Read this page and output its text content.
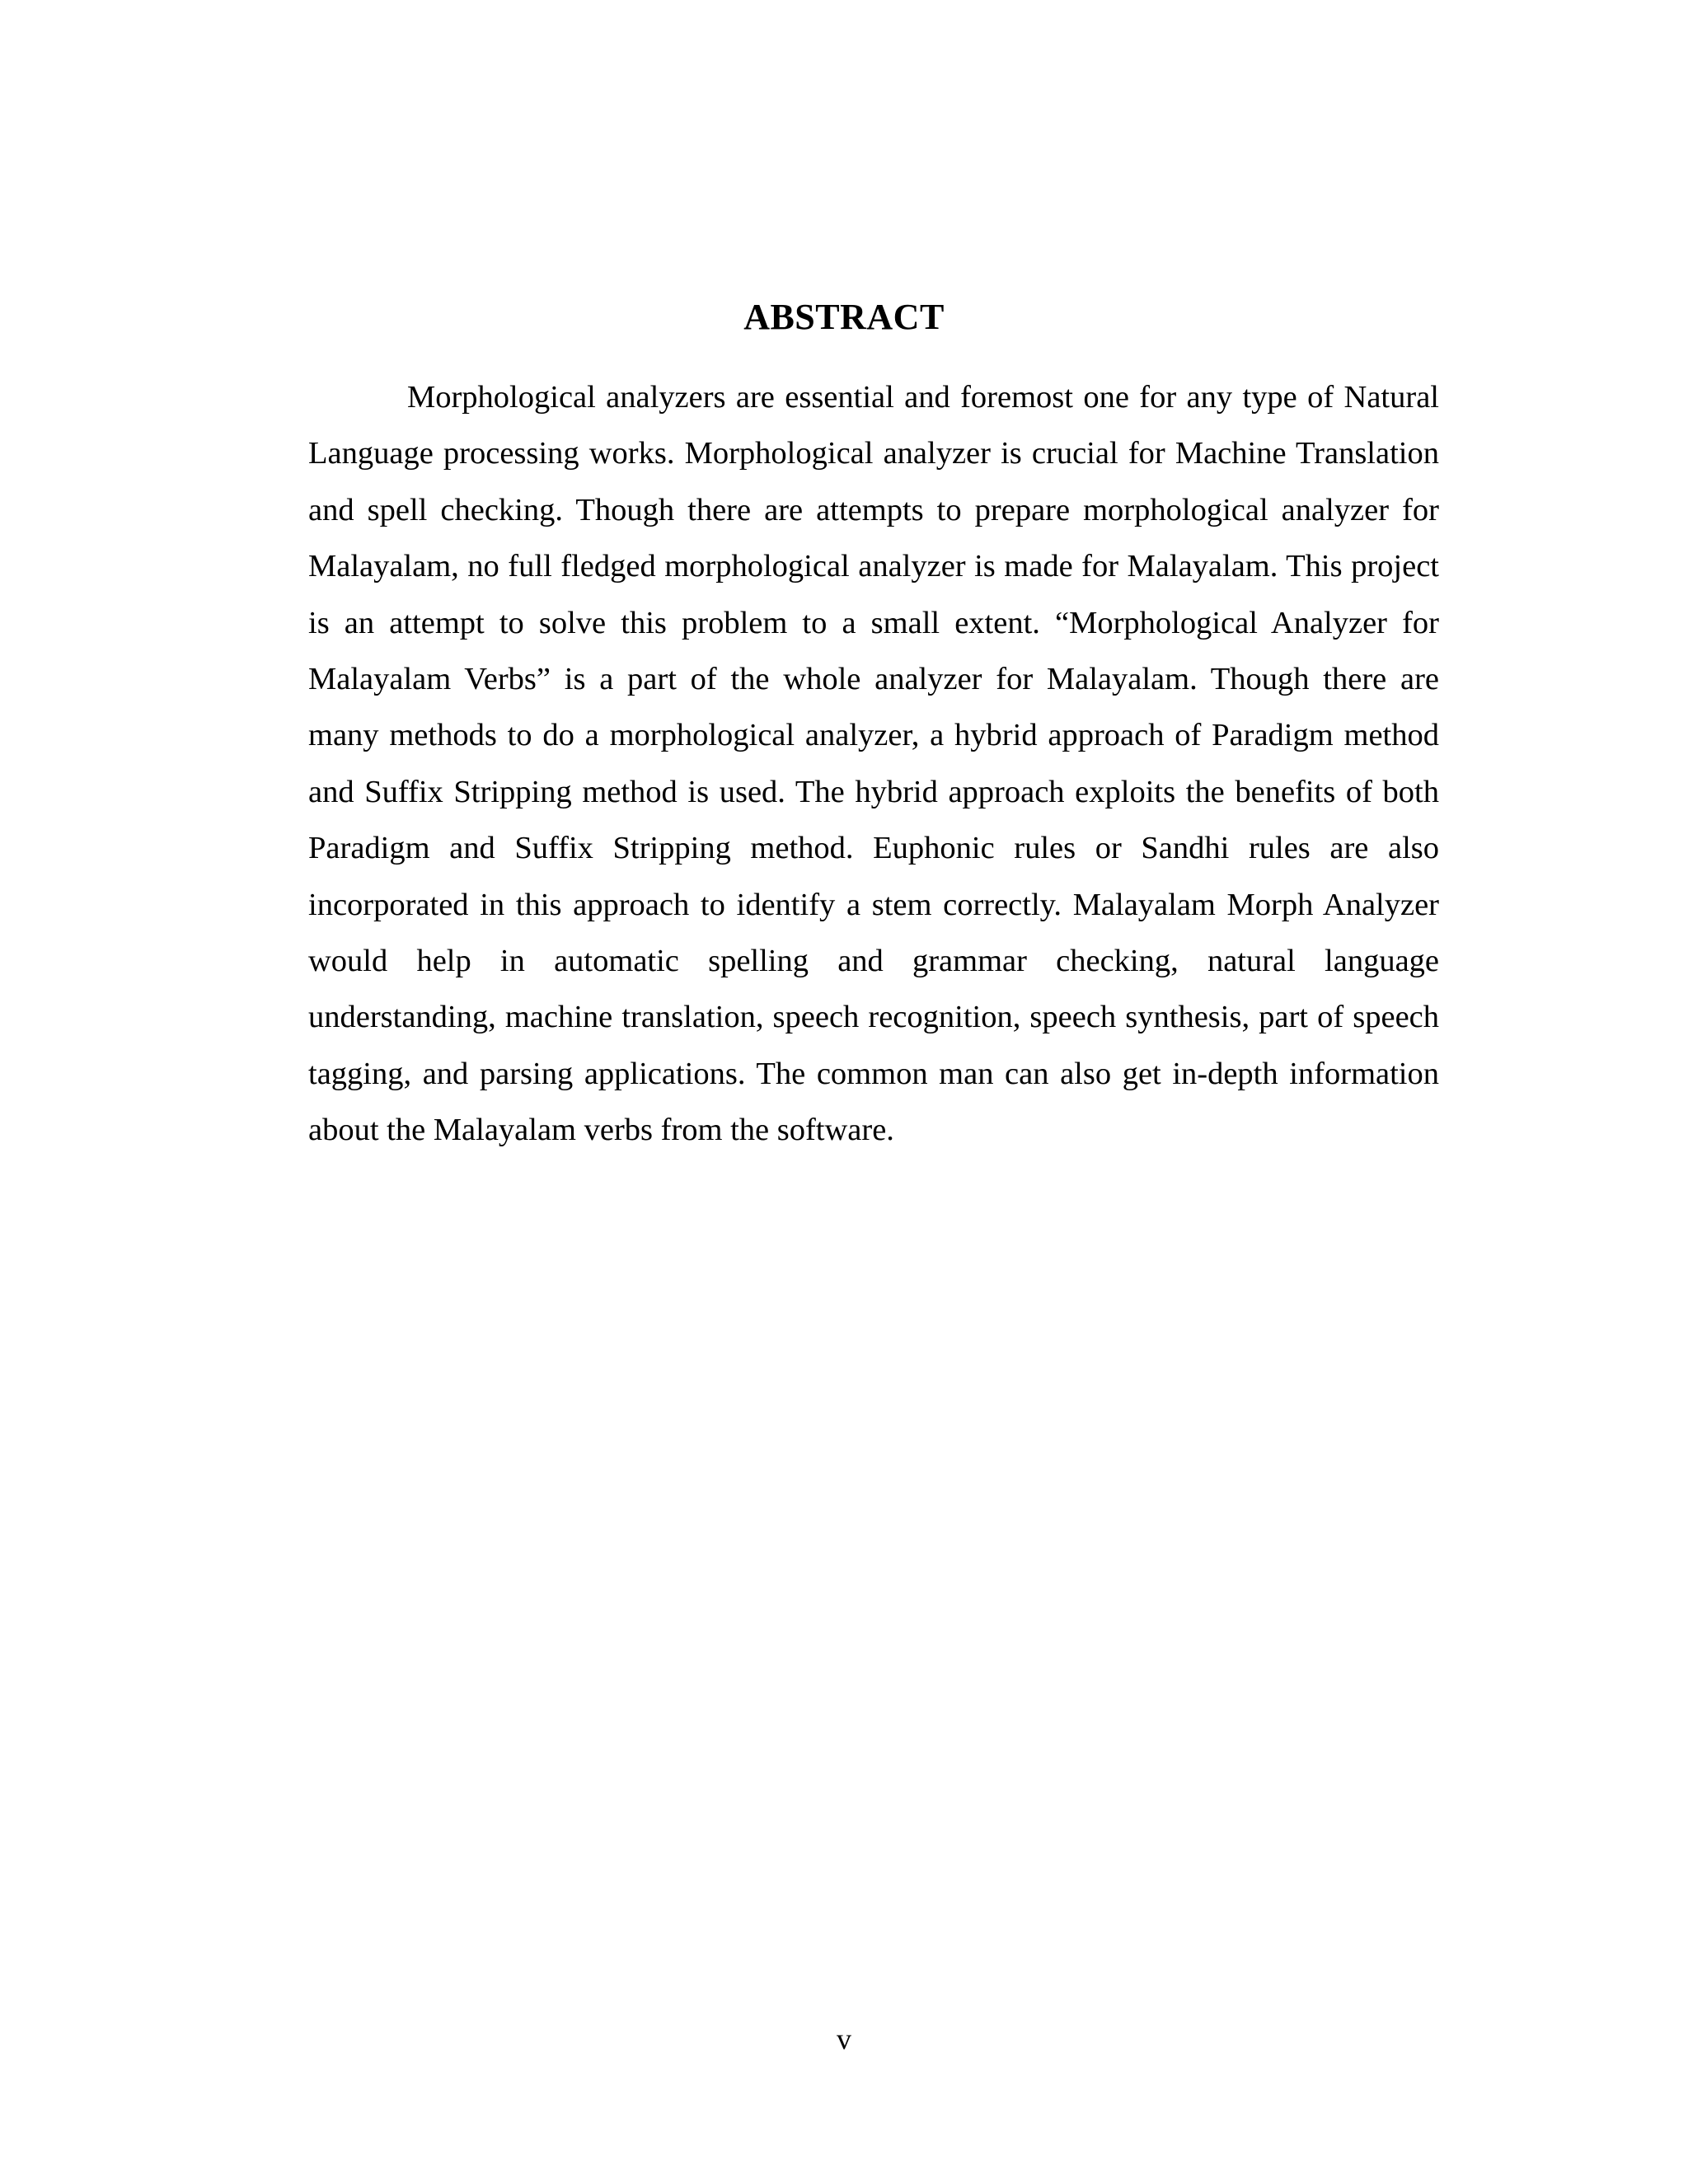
ABSTRACT

Morphological analyzers are essential and foremost one for any type of Natural Language processing works. Morphological analyzer is crucial for Machine Translation and spell checking. Though there are attempts to prepare morphological analyzer for Malayalam, no full fledged morphological analyzer is made for Malayalam. This project is an attempt to solve this problem to a small extent. “Morphological Analyzer for Malayalam Verbs” is a part of the whole analyzer for Malayalam. Though there are many methods to do a morphological analyzer, a hybrid approach of Paradigm method and Suffix Stripping method is used. The hybrid approach exploits the benefits of both Paradigm and Suffix Stripping method. Euphonic rules or Sandhi rules are also incorporated in this approach to identify a stem correctly. Malayalam Morph Analyzer would help in automatic spelling and grammar checking, natural language understanding, machine translation, speech recognition, speech synthesis, part of speech tagging, and parsing applications. The common man can also get in-depth information about the Malayalam verbs from the software.

v
